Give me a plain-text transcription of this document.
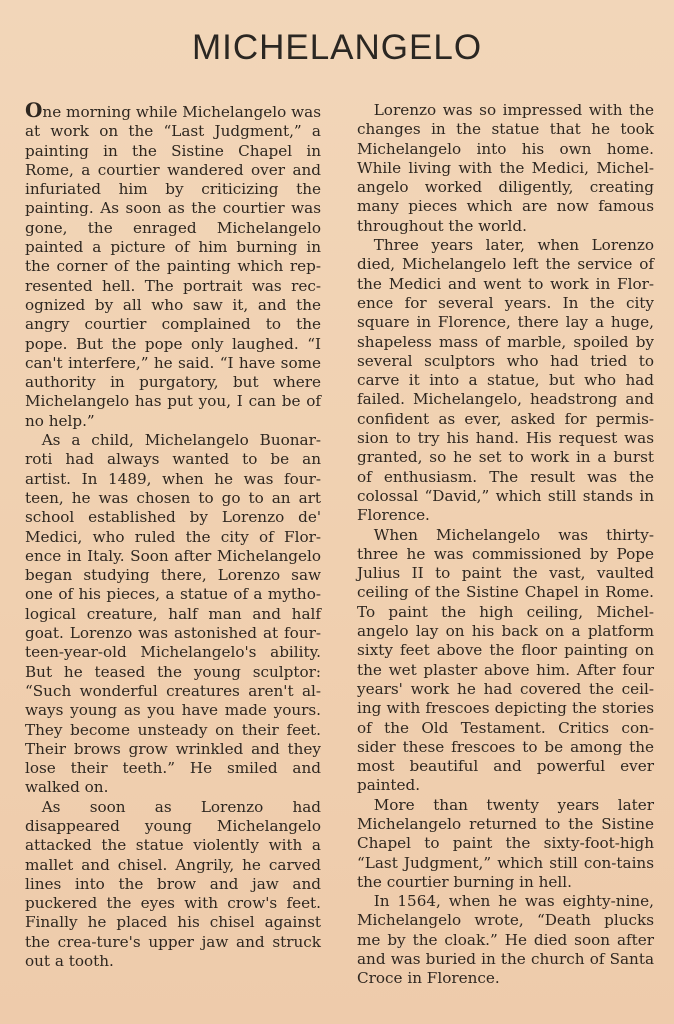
MICHELANGELO

One morning while Michelangelo was at work on the “Last Judgment,” a painting in the Sistine Chapel in Rome, a courtier wandered over and infuriated him by criticizing the painting. As soon as the courtier was gone, the enraged Michelangelo painted a picture of him burning in the corner of the painting which rep-resented hell. The portrait was rec-ognized by all who saw it, and the angry courtier complained to the pope. But the pope only laughed. “I can't interfere,” he said. “I have some authority in purgatory, but where Michelangelo has put you, I can be of no help.”

As a child, Michelangelo Buonar-roti had always wanted to be an artist. In 1489, when he was four-teen, he was chosen to go to an art school established by Lorenzo de' Medici, who ruled the city of Flor-ence in Italy. Soon after Michelangelo began studying there, Lorenzo saw one of his pieces, a statue of a mytho-logical creature, half man and half goat. Lorenzo was astonished at four-teen-year-old Michelangelo's ability. But he teased the young sculptor: “Such wonderful creatures aren't al-ways young as you have made yours. They become unsteady on their feet. Their brows grow wrinkled and they lose their teeth.” He smiled and walked on.

As soon as Lorenzo had disappeared young Michelangelo attacked the statue violently with a mallet and chisel. Angrily, he carved lines into the brow and jaw and puckered the eyes with crow's feet. Finally he placed his chisel against the crea-ture's upper jaw and struck out a tooth.

Lorenzo was so impressed with the changes in the statue that he took Michelangelo into his own home. While living with the Medici, Michel-angelo worked diligently, creating many pieces which are now famous throughout the world.

Three years later, when Lorenzo died, Michelangelo left the service of the Medici and went to work in Flor-ence for several years. In the city square in Florence, there lay a huge, shapeless mass of marble, spoiled by several sculptors who had tried to carve it into a statue, but who had failed. Michelangelo, headstrong and confident as ever, asked for permis-sion to try his hand. His request was granted, so he set to work in a burst of enthusiasm. The result was the colossal “David,” which still stands in Florence.

When Michelangelo was thirty-three he was commissioned by Pope Julius II to paint the vast, vaulted ceiling of the Sistine Chapel in Rome. To paint the high ceiling, Michel-angelo lay on his back on a platform sixty feet above the floor painting on the wet plaster above him. After four years' work he had covered the ceil-ing with frescoes depicting the stories of the Old Testament. Critics con-sider these frescoes to be among the most beautiful and powerful ever painted.

More than twenty years later Michelangelo returned to the Sistine Chapel to paint the sixty-foot-high “Last Judgment,” which still con-tains the courtier burning in hell.

In 1564, when he was eighty-nine, Michelangelo wrote, “Death plucks me by the cloak.” He died soon after and was buried in the church of Santa Croce in Florence.
